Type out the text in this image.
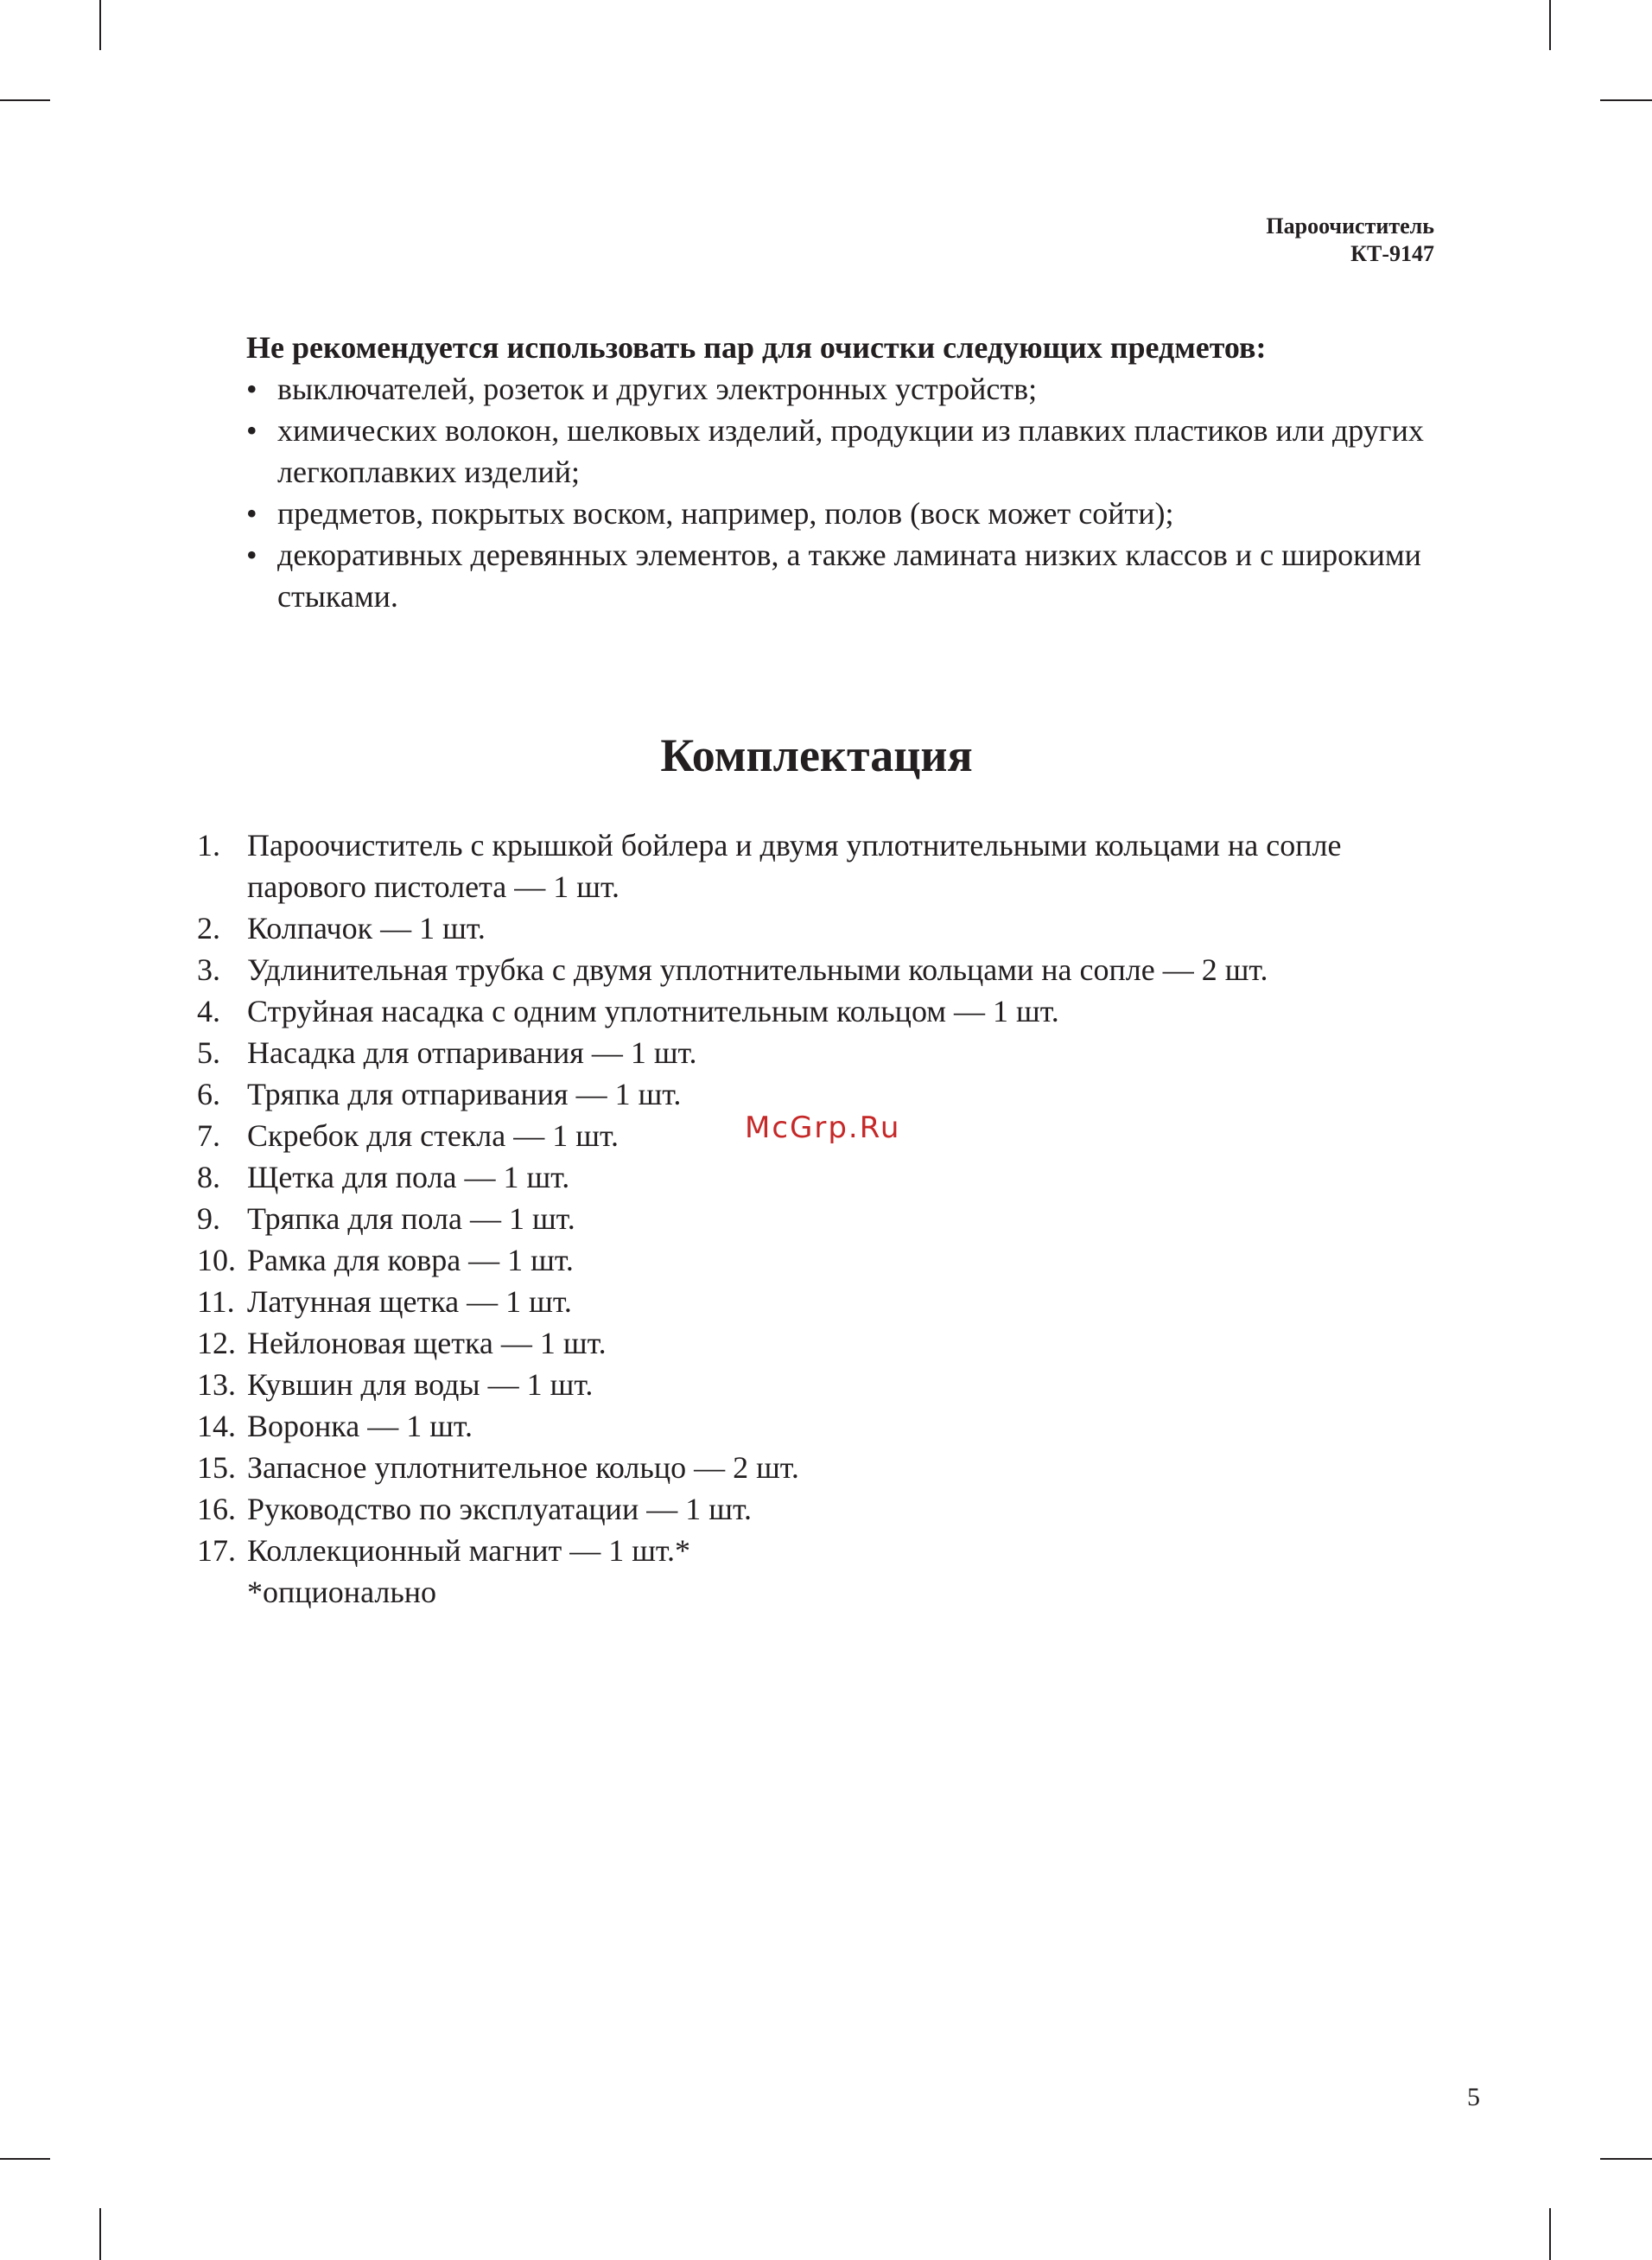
Пароочиститель
КТ-9147
Не рекомендуется использовать пар для очистки следующих предметов:
• выключателей, розеток и других электронных устройств;
• химических волокон, шелковых изделий, продукции из плавких пластиков или других легкоплавких изделий;
• предметов, покрытых воском, например, полов (воск может сойти);
• декоративных деревянных элементов, а также ламината низких классов и с широкими стыками.
Комплектация
1. Пароочиститель с крышкой бойлера и двумя уплотнительными кольцами на сопле парового пистолета — 1 шт.
2. Колпачок — 1 шт.
3. Удлинительная трубка с двумя уплотнительными кольцами на сопле — 2 шт.
4. Струйная насадка с одним уплотнительным кольцом — 1 шт.
5. Насадка для отпаривания — 1 шт.
6. Тряпка для отпаривания — 1 шт.
7. Скребок для стекла — 1 шт.
8. Щетка для пола — 1 шт.
9. Тряпка для пола — 1 шт.
10. Рамка для ковра — 1 шт.
11. Латунная щетка — 1 шт.
12. Нейлоновая щетка — 1 шт.
13. Кувшин для воды — 1 шт.
14. Воронка — 1 шт.
15. Запасное уплотнительное кольцо — 2 шт.
16. Руководство по эксплуатации — 1 шт.
17. Коллекционный магнит — 1 шт.*
*опционально
McGrp.Ru
5
